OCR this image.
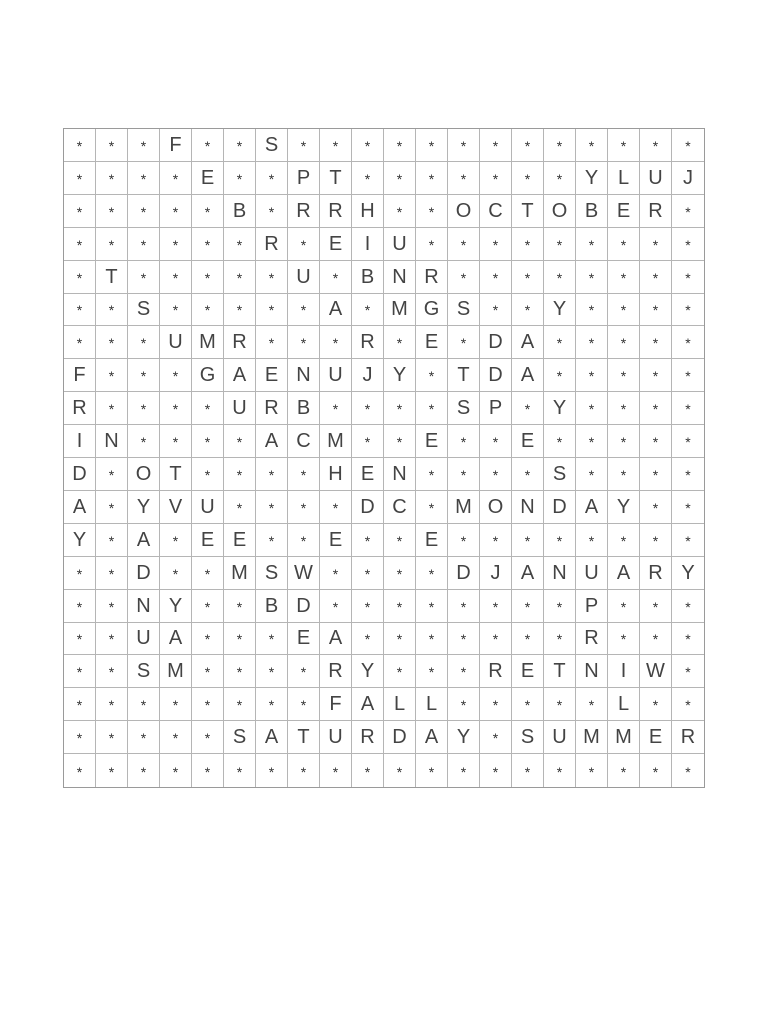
*	*	*	F	*	*	S	*	*	*	*	*	*	*	*	*	*	*	*	*
*	*	*	*	E	*	*	P T	*	*	*	*	*	*	*	Y L U	J
*	*	*	*	*	B	*	R R H	*	*	O C T O B E R	*
*	*	*	*	*	*	R	*	E	I	U	*	*	*	*	*	*	*	*	*
*	T	*	*	*	*	*	U	*	B N R	*	*	*	*	*	*	*	*
*	*	S	*	*	*	*	*	A	*	M G S	*	*	Y	*	*	*	*
*	*	*	U M R	*	*	*	R	*	E	*	D A	*	*	*	*	*
F	*	*	*	G A E N U J	Y	*	T D A	*	*	*	*	*
R	*	*	*	*	U R B	*	*	*	*	S P	*	Y	*	*	*	*
I	N	*	*	*	*	A C M	*	*	E	*	*	E	*	*	*	*	*
D	*	O T	*	*	*	*	H E N	*	*	*	*	S	*	*	*	*
A	*	Y V U	*	*	*	*	D C	*	M O N D A Y	*	*
Y	*	A	*	E E	*	*	E	*	*	E	*	*	*	*	*	*	*	*
*	*	D	*	*	M S W	*	*	*	*	D J	A N U A R Y
*	*	N Y	*	*	B D	*	*	*	*	*	*	*	*	P	*	*	*
*	*	U A	*	*	*	E A	*	*	*	*	*	*	*	R	*	*	*
*	*	S M	*	*	*	*	R Y	*	*	*	R E T N	I W	*
*	*	*	*	*	*	*	*	F A L	L	*	*	*	*	*	L	*	*
*	*	*	*	*	S A T U R D A Y	*	S U M M E R
*	*	*	*	*	*	*	*	*	*	*	*	*	*	*	*	*	*	*	*
